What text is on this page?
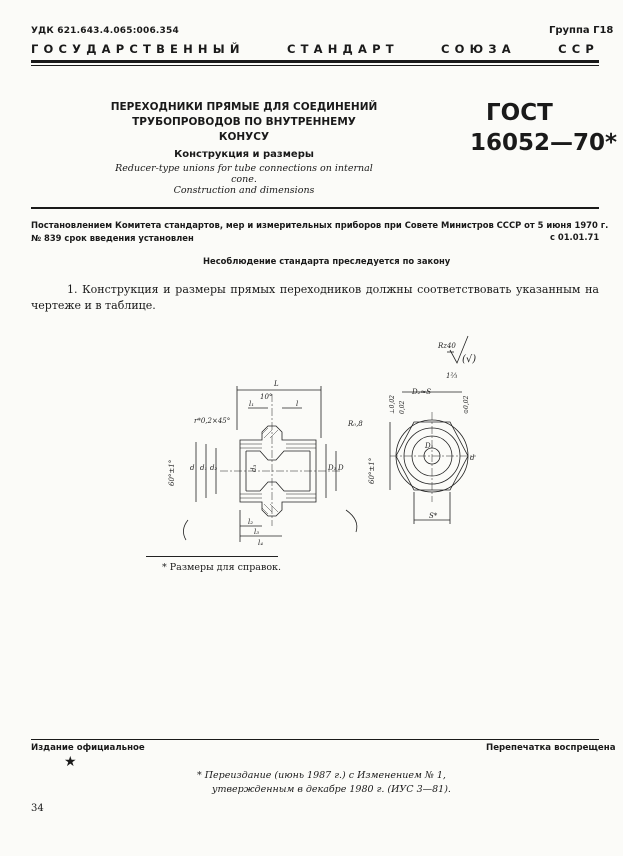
УДК 621.643.4.065:006.354	Группа Г18
ГОСУДАРСТВЕННЫЙ	СТАНДАРТ	СОЮЗА	ССР
ПЕРЕХОДНИКИ ПРЯМЫЕ ДЛЯ СОЕДИНЕНИЙ
ТРУБОПРОВОДОВ ПО ВНУТРЕННЕМУ КОНУСУ
Конструкция и размеры
Reducer-type unions for tube connections on internal cone.
Construction and dimensions
ГОСТ
16052—70*
Постановлением Комитета стандартов, мер и измерительных приборов при Совете Министров СССР от 5 июня 1970 г.
№ 839 срок введения установлен	с 01.01.71
Несоблюдение стандарта преследуется по закону
1. Конструкция и размеры прямых переходников должны соответствовать указанным на чертеже и в таблице.
Rz40
(√)
L
l₁	l
10°
r*0,2×45°
d d₁ d₂
60°±1°	d₃	D₁ D
R₀,8
60°±1°
l₂
l₃
l₄
S*
d
D₁
D₂≈S
⊥0,02 0,02	⊙0,02
1⅔
* Размеры для справок.
Издание официальное	Перепечатка воспрещена
★
* Переиздание (июнь 1987 г.) с Изменением № 1,
утвержденным в декабре 1980 г. (ИУС 3—81).
34
